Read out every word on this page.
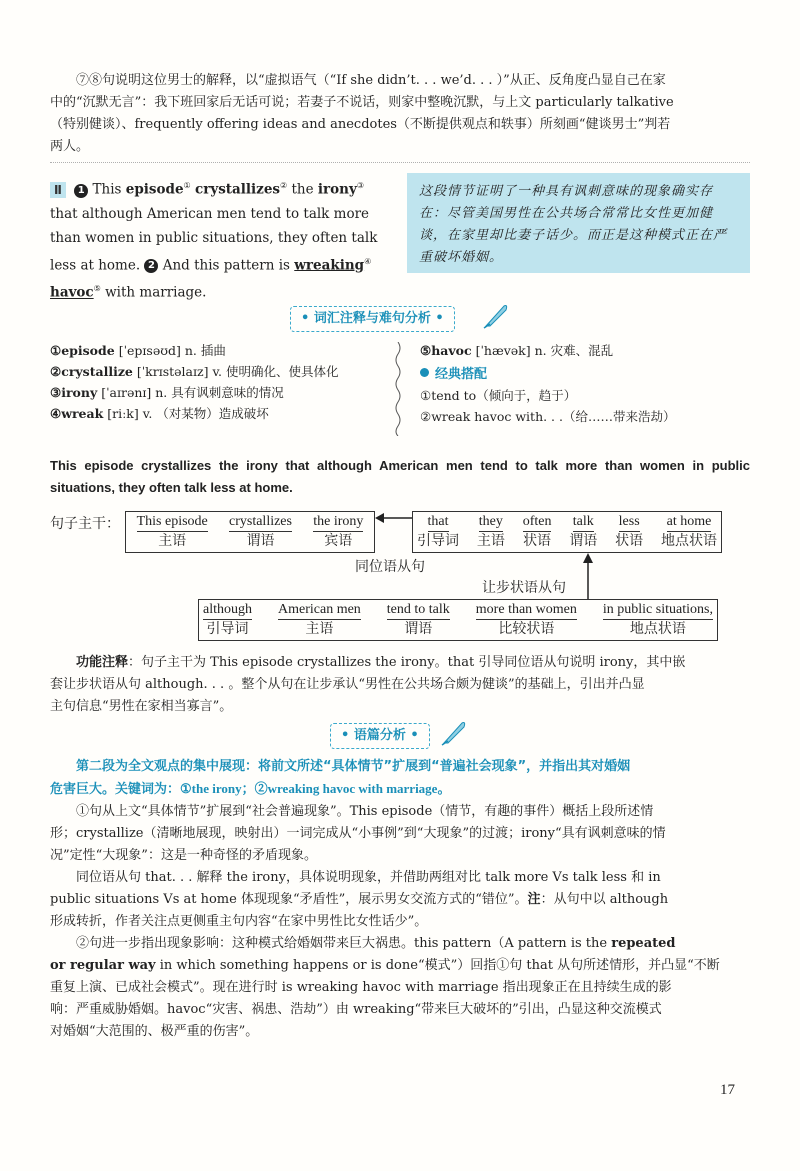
⑦⑧句说明这位男士的解释，以“虚拟语气（“If she didn’t. . . we’d. . . ）”从正、反角度凸显自己在家
中的“沉默无言”：我下班回家后无话可说；若妻子不说话，则家中整晚沉默，与上文 particularly talkative
（特别健谈）、frequently offering ideas and anecdotes（不断提供观点和轶事）所刻画“健谈男士”判若
两人。
Ⅱ 1 This episode① crystallizes② the irony③ that although American men tend to talk more than women in public situations, they often talk less at home. 2 And this pattern is wreaking④ havoc⑤ with marriage.
这段情节证明了一种具有讽刺意味的现象确实存在：尽管美国男性在公共场合常常比女性更加健谈，在家里却比妻子话少。而正是这种模式正在严重破坏婚姻。
• 词汇注释与难句分析 •
①episode [ˈepɪsəʊd] n. 插曲
②crystallize [ˈkrɪstəlaɪz] v. 使明确化、使具体化
③irony [ˈaɪrənɪ] n. 具有讽刺意味的情况
④wreak [riːk] v. （对某物）造成破坏
⑤havoc [ˈhævək] n. 灾难、混乱
经典搭配
①tend to（倾向于，趋于）
②wreak havoc with. . .（给……带来浩劫）
This episode crystallizes the irony that although American men tend to talk more than women in public situations, they often talk less at home.
句子主干： This episode
主语
crystallizes
谓语
the irony
宾语
that
引导词
they
主语
often
状语
talk
谓语
less
状语
at home
地点状语
同位语从句
让步状语从句
although
引导词
American men
主语
tend to talk
谓语
more than women
比较状语
in public situations,
地点状语
功能注释：句子主干为 This episode crystallizes the irony。that 引导同位语从句说明 irony，其中嵌
套让步状语从句 although. . . 。整个从句在让步承认“男性在公共场合颇为健谈”的基础上，引出并凸显
主句信息“男性在家相当寡言”。
• 语篇分析 •
第二段为全文观点的集中展现：将前文所述“具体情节”扩展到“普遍社会现象”，并指出其对婚姻
危害巨大。关键词为：①the irony；②wreaking havoc with marriage。
①句从上文“具体情节”扩展到“社会普遍现象”。This episode（情节，有趣的事件）概括上段所述情
形；crystallize（清晰地展现，映射出）一词完成从“小事例”到“大现象”的过渡；irony“具有讽刺意味的情
况”定性“大现象”：这是一种奇怪的矛盾现象。
同位语从句 that. . . 解释 the irony，具体说明现象，并借助两组对比 talk more Vs talk less 和 in
public situations Vs at home 体现现象“矛盾性”，展示男女交流方式的“错位”。注：从句中以 although
形成转折，作者关注点更侧重主句内容“在家中男性比女性话少”。
②句进一步指出现象影响：这种模式给婚姻带来巨大祸患。this pattern（A pattern is the repeated
or regular way in which something happens or is done“模式”）回指①句 that 从句所述情形，并凸显“不断
重复上演、已成社会模式”。现在进行时 is wreaking havoc with marriage 指出现象正在且持续生成的影
响：严重威胁婚姻。havoc“灾害、祸患、浩劫”）由 wreaking“带来巨大破坏的”引出，凸显这种交流模式
对婚姻“大范围的、极严重的伤害”。
17
